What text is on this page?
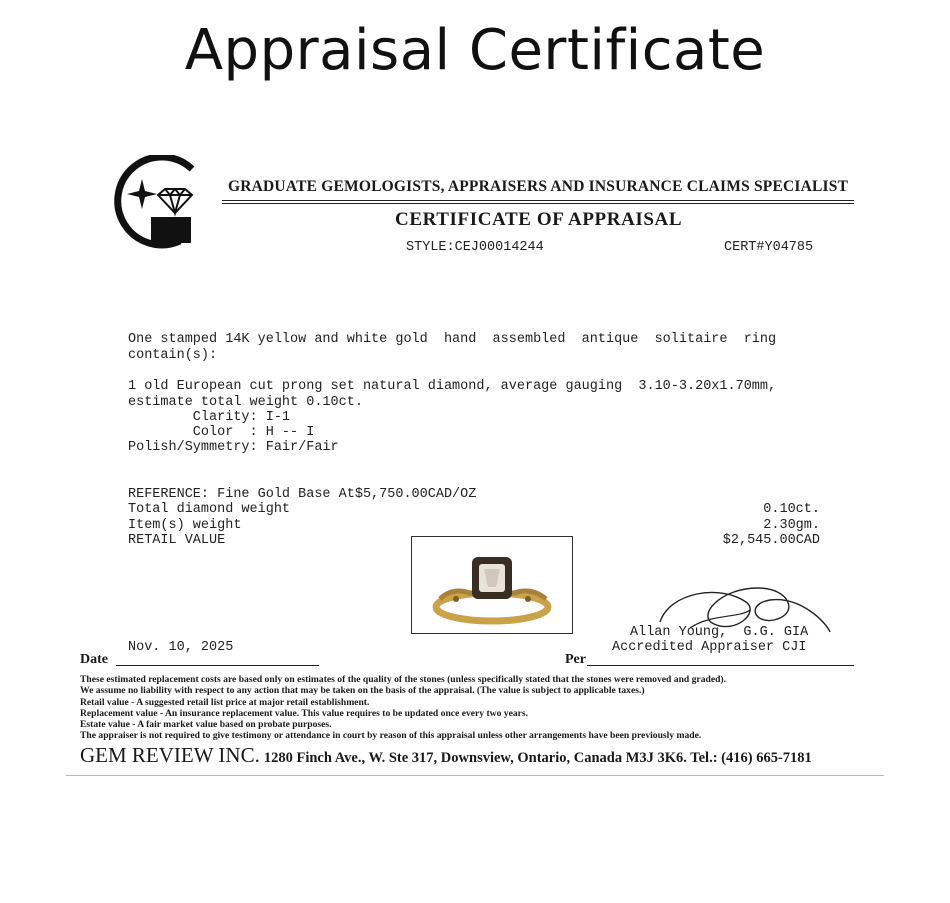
Appraisal Certificate
GRADUATE GEMOLOGISTS, APPRAISERS AND INSURANCE CLAIMS SPECIALIST
CERTIFICATE OF APPRAISAL
STYLE:CEJ00014244	CERT#Y04785
One stamped 14K yellow and white gold  hand  assembled  antique  solitaire  ring
contain(s):
1 old European cut prong set natural diamond, average gauging  3.10-3.20x1.70mm,
estimate total weight 0.10ct.
Clarity: I-1
Color  : H -- I
Polish/Symmetry: Fair/Fair
REFERENCE: Fine Gold Base At$5,750.00CAD/OZ
Total diamond weight	0.10ct.
Item(s) weight	2.30gm.
RETAIL VALUE	$2,545.00CAD
Allan Young,  G.G. GIA
Accredited Appraiser CJI
Date
Nov. 10, 2025
Per
These estimated replacement costs are based only on estimates of the quality of the stones (unless specifically stated that the stones were removed and graded).
We assume no liability with respect to any action that may be taken on the basis of the appraisal. (The value is subject to applicable taxes.)
Retail value - A suggested retail list price at major retail establishment.
Replacement value - An insurance replacement value. This value requires to be updated once every two years.
Estate value - A fair market value based on probate purposes.
The appraiser is not required to give testimony or attendance in court by reason of this appraisal unless other arrangements have been previously made.
GEM REVIEW INC. 1280 Finch Ave., W. Ste 317, Downsview, Ontario, Canada M3J 3K6. Tel.: (416) 665-7181
